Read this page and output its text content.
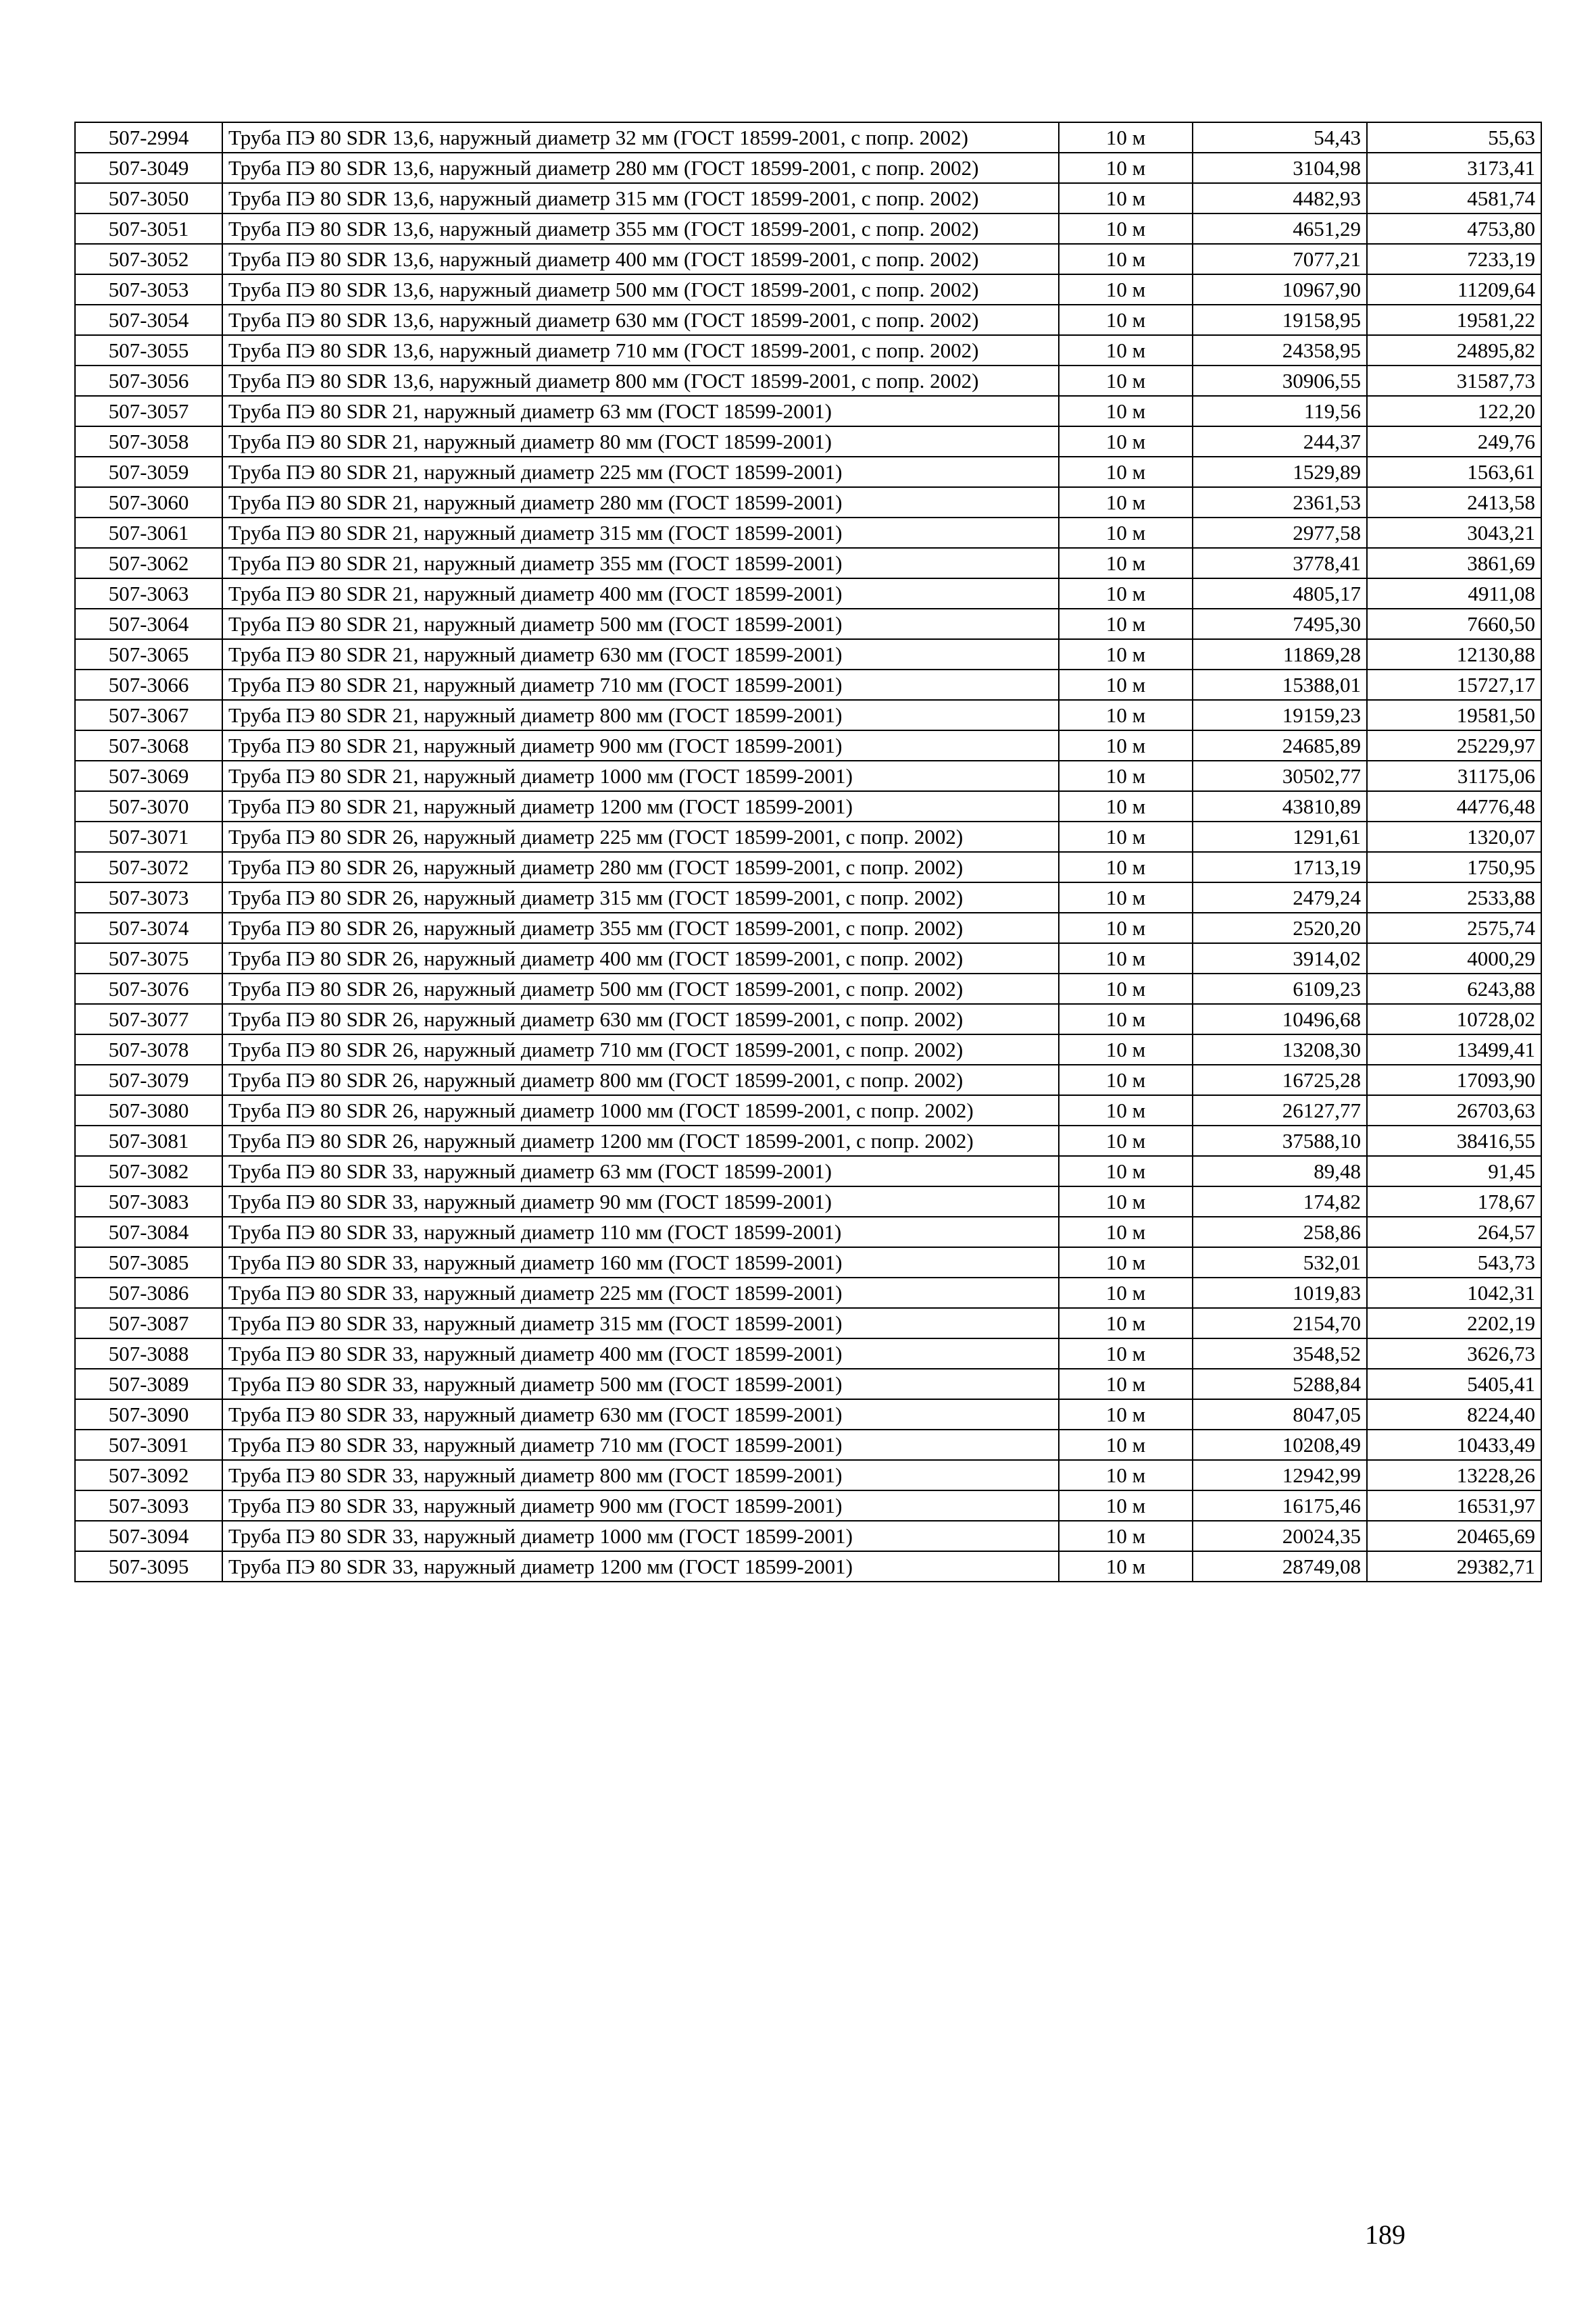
507-2994	Труба ПЭ 80 SDR 13,6, наружный диаметр 32 мм (ГОСТ 18599-2001, с попр. 2002)	10 м	54,43	55,63
507-3049	Труба ПЭ 80 SDR 13,6, наружный диаметр 280 мм (ГОСТ 18599-2001, с попр. 2002)	10 м	3104,98	3173,41
507-3050	Труба ПЭ 80 SDR 13,6, наружный диаметр 315 мм (ГОСТ 18599-2001, с попр. 2002)	10 м	4482,93	4581,74
507-3051	Труба ПЭ 80 SDR 13,6, наружный диаметр 355 мм (ГОСТ 18599-2001, с попр. 2002)	10 м	4651,29	4753,80
507-3052	Труба ПЭ 80 SDR 13,6, наружный диаметр 400 мм (ГОСТ 18599-2001, с попр. 2002)	10 м	7077,21	7233,19
507-3053	Труба ПЭ 80 SDR 13,6, наружный диаметр 500 мм (ГОСТ 18599-2001, с попр. 2002)	10 м	10967,90	11209,64
507-3054	Труба ПЭ 80 SDR 13,6, наружный диаметр 630 мм (ГОСТ 18599-2001, с попр. 2002)	10 м	19158,95	19581,22
507-3055	Труба ПЭ 80 SDR 13,6, наружный диаметр 710 мм (ГОСТ 18599-2001, с попр. 2002)	10 м	24358,95	24895,82
507-3056	Труба ПЭ 80 SDR 13,6, наружный диаметр 800 мм (ГОСТ 18599-2001, с попр. 2002)	10 м	30906,55	31587,73
507-3057	Труба ПЭ 80 SDR 21, наружный диаметр 63 мм (ГОСТ 18599-2001)	10 м	119,56	122,20
507-3058	Труба ПЭ 80 SDR 21, наружный диаметр 80 мм (ГОСТ 18599-2001)	10 м	244,37	249,76
507-3059	Труба ПЭ 80 SDR 21, наружный диаметр 225 мм (ГОСТ 18599-2001)	10 м	1529,89	1563,61
507-3060	Труба ПЭ 80 SDR 21, наружный диаметр 280 мм (ГОСТ 18599-2001)	10 м	2361,53	2413,58
507-3061	Труба ПЭ 80 SDR 21, наружный диаметр 315 мм (ГОСТ 18599-2001)	10 м	2977,58	3043,21
507-3062	Труба ПЭ 80 SDR 21, наружный диаметр 355 мм (ГОСТ 18599-2001)	10 м	3778,41	3861,69
507-3063	Труба ПЭ 80 SDR 21, наружный диаметр 400 мм (ГОСТ 18599-2001)	10 м	4805,17	4911,08
507-3064	Труба ПЭ 80 SDR 21, наружный диаметр 500 мм (ГОСТ 18599-2001)	10 м	7495,30	7660,50
507-3065	Труба ПЭ 80 SDR 21, наружный диаметр 630 мм (ГОСТ 18599-2001)	10 м	11869,28	12130,88
507-3066	Труба ПЭ 80 SDR 21, наружный диаметр 710 мм (ГОСТ 18599-2001)	10 м	15388,01	15727,17
507-3067	Труба ПЭ 80 SDR 21, наружный диаметр 800 мм (ГОСТ 18599-2001)	10 м	19159,23	19581,50
507-3068	Труба ПЭ 80 SDR 21, наружный диаметр 900 мм (ГОСТ 18599-2001)	10 м	24685,89	25229,97
507-3069	Труба ПЭ 80 SDR 21, наружный диаметр 1000 мм (ГОСТ 18599-2001)	10 м	30502,77	31175,06
507-3070	Труба ПЭ 80 SDR 21, наружный диаметр 1200 мм (ГОСТ 18599-2001)	10 м	43810,89	44776,48
507-3071	Труба ПЭ 80 SDR 26, наружный диаметр 225 мм (ГОСТ 18599-2001, с попр. 2002)	10 м	1291,61	1320,07
507-3072	Труба ПЭ 80 SDR 26, наружный диаметр 280 мм (ГОСТ 18599-2001, с попр. 2002)	10 м	1713,19	1750,95
507-3073	Труба ПЭ 80 SDR 26, наружный диаметр 315 мм (ГОСТ 18599-2001, с попр. 2002)	10 м	2479,24	2533,88
507-3074	Труба ПЭ 80 SDR 26, наружный диаметр 355 мм (ГОСТ 18599-2001, с попр. 2002)	10 м	2520,20	2575,74
507-3075	Труба ПЭ 80 SDR 26, наружный диаметр 400 мм (ГОСТ 18599-2001, с попр. 2002)	10 м	3914,02	4000,29
507-3076	Труба ПЭ 80 SDR 26, наружный диаметр 500 мм (ГОСТ 18599-2001, с попр. 2002)	10 м	6109,23	6243,88
507-3077	Труба ПЭ 80 SDR 26, наружный диаметр 630 мм (ГОСТ 18599-2001, с попр. 2002)	10 м	10496,68	10728,02
507-3078	Труба ПЭ 80 SDR 26, наружный диаметр 710 мм (ГОСТ 18599-2001, с попр. 2002)	10 м	13208,30	13499,41
507-3079	Труба ПЭ 80 SDR 26, наружный диаметр 800 мм (ГОСТ 18599-2001, с попр. 2002)	10 м	16725,28	17093,90
507-3080	Труба ПЭ 80 SDR 26, наружный диаметр 1000 мм (ГОСТ 18599-2001, с попр. 2002)	10 м	26127,77	26703,63
507-3081	Труба ПЭ 80 SDR 26, наружный диаметр 1200 мм (ГОСТ 18599-2001, с попр. 2002)	10 м	37588,10	38416,55
507-3082	Труба ПЭ 80 SDR 33, наружный диаметр 63 мм (ГОСТ 18599-2001)	10 м	89,48	91,45
507-3083	Труба ПЭ 80 SDR 33, наружный диаметр 90 мм (ГОСТ 18599-2001)	10 м	174,82	178,67
507-3084	Труба ПЭ 80 SDR 33, наружный диаметр 110 мм (ГОСТ 18599-2001)	10 м	258,86	264,57
507-3085	Труба ПЭ 80 SDR 33, наружный диаметр 160 мм (ГОСТ 18599-2001)	10 м	532,01	543,73
507-3086	Труба ПЭ 80 SDR 33, наружный диаметр 225 мм (ГОСТ 18599-2001)	10 м	1019,83	1042,31
507-3087	Труба ПЭ 80 SDR 33, наружный диаметр 315 мм (ГОСТ 18599-2001)	10 м	2154,70	2202,19
507-3088	Труба ПЭ 80 SDR 33, наружный диаметр 400 мм (ГОСТ 18599-2001)	10 м	3548,52	3626,73
507-3089	Труба ПЭ 80 SDR 33, наружный диаметр 500 мм (ГОСТ 18599-2001)	10 м	5288,84	5405,41
507-3090	Труба ПЭ 80 SDR 33, наружный диаметр 630 мм (ГОСТ 18599-2001)	10 м	8047,05	8224,40
507-3091	Труба ПЭ 80 SDR 33, наружный диаметр 710 мм (ГОСТ 18599-2001)	10 м	10208,49	10433,49
507-3092	Труба ПЭ 80 SDR 33, наружный диаметр 800 мм (ГОСТ 18599-2001)	10 м	12942,99	13228,26
507-3093	Труба ПЭ 80 SDR 33, наружный диаметр 900 мм (ГОСТ 18599-2001)	10 м	16175,46	16531,97
507-3094	Труба ПЭ 80 SDR 33, наружный диаметр 1000 мм (ГОСТ 18599-2001)	10 м	20024,35	20465,69
507-3095	Труба ПЭ 80 SDR 33, наружный диаметр 1200 мм (ГОСТ 18599-2001)	10 м	28749,08	29382,71
189
